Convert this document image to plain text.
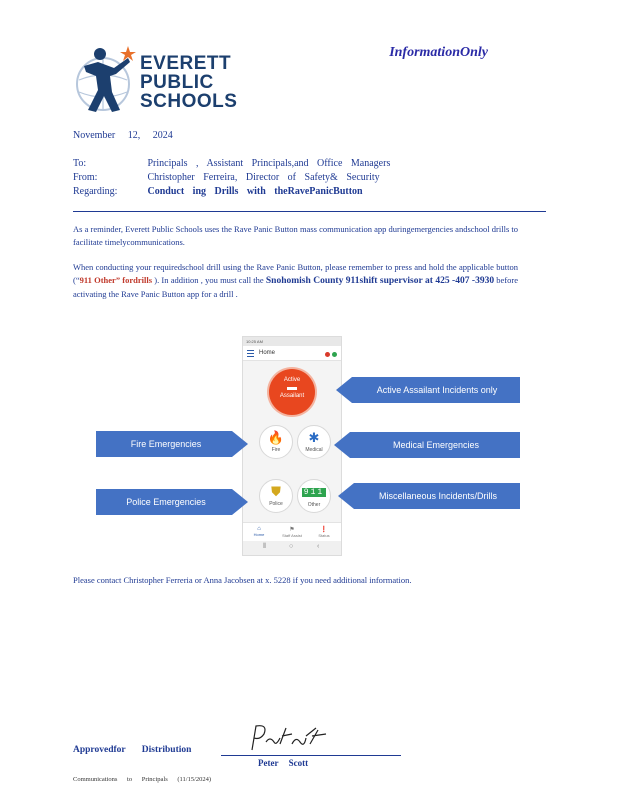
EVERETT
PUBLIC
SCHOOLS
InformationOnly
November 12, 2024
To:	Principals , Assistant Principals,and Office Managers
From:	Christopher Ferreira, Director of Safety& Security
Regarding:	Conduct ing Drills with theRavePanicButton
As a reminder, Everett Public Schools uses the Rave Panic Button mass communication app duringemergencies andschool drills to facilitate timelycommunications.
When conducting your requiredschool drill using the Rave Panic Button, please remember to press and hold the applicable button (“911 Other” fordrills ). In addition , you must call the Snohomish County 911shift supervisor at 425 -407 -3930 before activating the Rave Panic Button app for a drill .
10:25 AM
Home

Active
▬
Assailant
🔥
Fire
✱
Medical
⛊
Police
911
Other
⌂
Home
⚑
Staff Assist
❗
Status
⦀	○	‹
Active Assailant Incidents only
Fire Emergencies	Medical Emergencies
Police Emergencies
Miscellaneous Incidents/Drills
Please contact Christopher Ferreria or Anna Jacobsen at x. 5228 if you need additional information.
Approvedfor Distribution
Peter Scott
Communications to Principals (11/15/2024)
